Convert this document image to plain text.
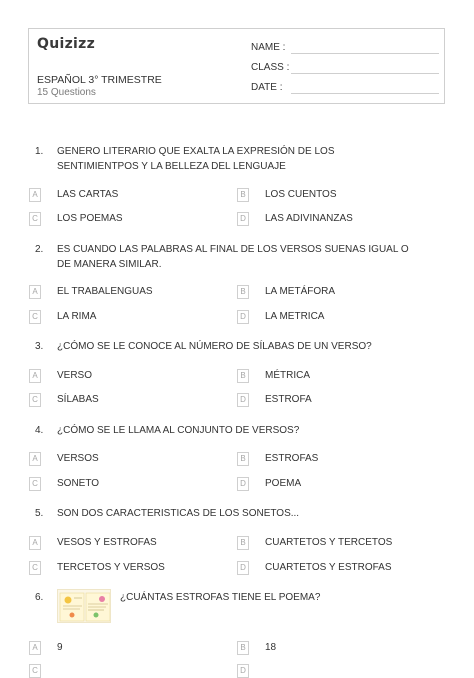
Quizizz
ESPAÑOL 3° TRIMESTRE
15 Questions
NAME :
CLASS :
DATE :
1. GENERO LITERARIO QUE EXALTA LA EXPRESIÓN DE LOS SENTIMIENTPOS Y LA BELLEZA DEL LENGUAJE
A	LAS CARTAS	B	LOS CUENTOS
C	LOS POEMAS	D	LAS ADIVINANZAS
2. ES CUANDO LAS PALABRAS AL FINAL DE LOS VERSOS SUENAS IGUAL O DE MANERA SIMILAR.
A	EL TRABALENGUAS	B	LA METÁFORA
C	LA RIMA	D	LA METRICA
3. ¿CÓMO SE LE CONOCE AL NÚMERO DE SÍLABAS DE UN VERSO?
A	VERSO	B	MÉTRICA
C	SÍLABAS	D	ESTROFA
4. ¿CÓMO SE LE LLAMA AL CONJUNTO DE VERSOS?
A	VERSOS	B	ESTROFAS
C	SONETO	D	POEMA
5. SON DOS CARACTERISTICAS DE LOS SONETOS...
A	VESOS Y ESTROFAS	B	CUARTETOS Y TERCETOS
C	TERCETOS Y VERSOS	D	CUARTETOS Y ESTROFAS
6.	¿CUÁNTAS ESTROFAS TIENE EL POEMA?
A	9	B	18
C	D
